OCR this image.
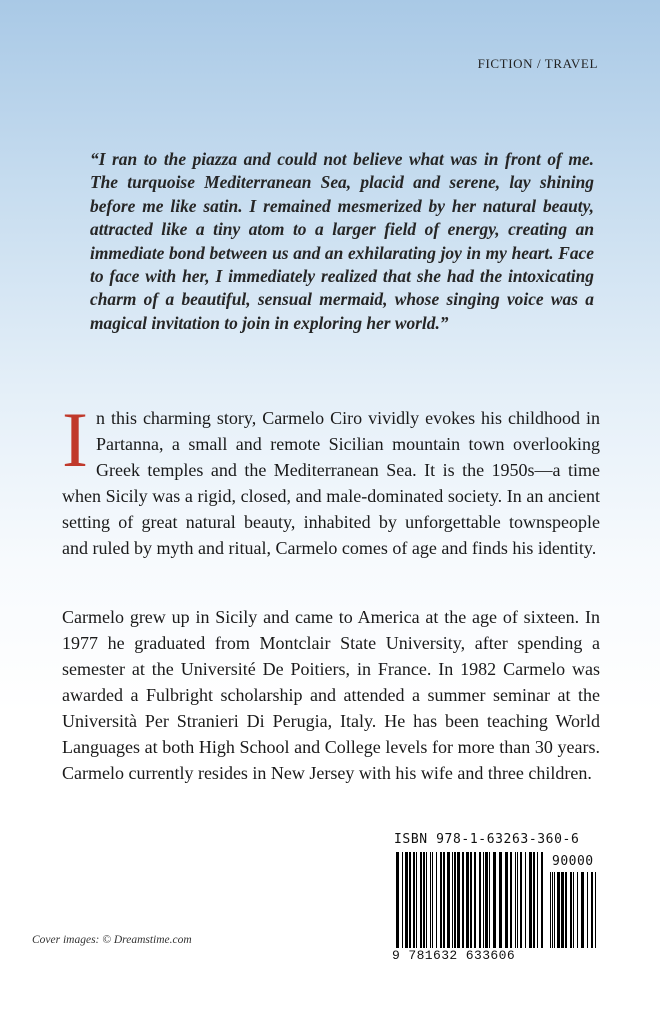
FICTION / TRAVEL
“I ran to the piazza and could not believe what was in front of me. The turquoise Mediterranean Sea, placid and serene, lay shining before me like satin. I remained mesmerized by her natural beauty, attracted like a tiny atom to a larger field of energy, creating an immediate bond between us and an exhilarating joy in my heart. Face to face with her, I immediately realized that she had the intoxicating charm of a beautiful, sensual mermaid, whose singing voice was a magical invitation to join in exploring her world.”
In this charming story, Carmelo Ciro vividly evokes his childhood in Partanna, a small and remote Sicilian mountain town overlooking Greek temples and the Mediterranean Sea. It is the 1950s—a time when Sicily was a rigid, closed, and male-dominated society. In an ancient setting of great natural beauty, inhabited by unforgettable townspeople and ruled by myth and ritual, Carmelo comes of age and finds his identity.
Carmelo grew up in Sicily and came to America at the age of sixteen. In 1977 he graduated from Montclair State University, after spending a semester at the Université De Poitiers, in France. In 1982 Carmelo was awarded a Fulbright scholarship and attended a summer seminar at the Università Per Stranieri Di Perugia, Italy. He has been teaching World Languages at both High School and College levels for more than 30 years. Carmelo currently resides in New Jersey with his wife and three children.
Cover images: © Dreamstime.com
ISBN 978-1-63263-360-6
90000
9 781632 633606
